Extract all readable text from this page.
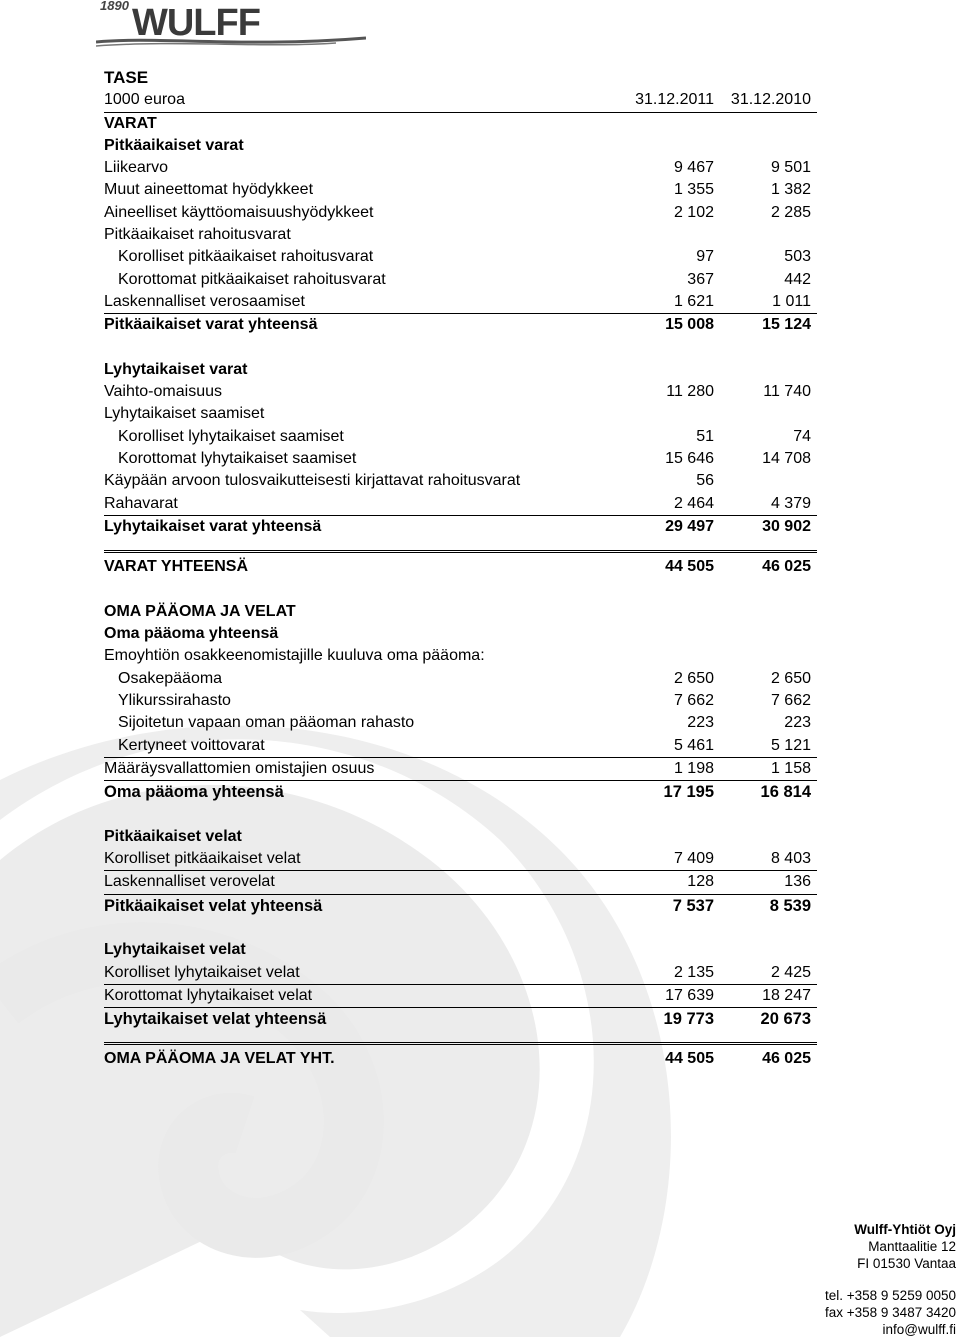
1890 WULFF
TASE
1000 euroa	31.12.2011 31.12.2010
VARAT
Pitkäaikaiset varat
Liikearvo	9 467	9 501
Muut aineettomat hyödykkeet	1 355	1 382
Aineelliset käyttöomaisuushyödykkeet	2 102	2 285
Pitkäaikaiset rahoitusvarat
Korolliset pitkäaikaiset rahoitusvarat	97	503
Korottomat pitkäaikaiset rahoitusvarat	367	442
Laskennalliset verosaamiset	1 621	1 011
Pitkäaikaiset varat yhteensä	15 008	15 124
Lyhytaikaiset varat
Vaihto-omaisuus	11 280	11 740
Lyhytaikaiset saamiset
Korolliset lyhytaikaiset saamiset	51	74
Korottomat lyhytaikaiset saamiset	15 646	14 708
Käypään arvoon tulosvaikutteisesti kirjattavat rahoitusvarat	56
Rahavarat	2 464	4 379
Lyhytaikaiset varat yhteensä	29 497	30 902
VARAT YHTEENSÄ	44 505	46 025
OMA PÄÄOMA JA VELAT
Oma pääoma yhteensä
Emoyhtiön osakkeenomistajille kuuluva oma pääoma:
Osakepääoma	2 650	2 650
Ylikurssirahasto	7 662	7 662
Sijoitetun vapaan oman pääoman rahasto	223	223
Kertyneet voittovarat	5 461	5 121
Määräysvallattomien omistajien osuus	1 198	1 158
Oma pääoma yhteensä	17 195	16 814
Pitkäaikaiset velat
Korolliset pitkäaikaiset velat	7 409	8 403
Laskennalliset verovelat	128	136
Pitkäaikaiset velat yhteensä	7 537	8 539
Lyhytaikaiset velat
Korolliset lyhytaikaiset velat	2 135	2 425
Korottomat lyhytaikaiset velat	17 639	18 247
Lyhytaikaiset velat yhteensä	19 773	20 673
OMA PÄÄOMA JA VELAT YHT.	44 505	46 025
Wulff-Yhtiöt Oyj
Manttaalitie 12
FI 01530 Vantaa
tel. +358 9 5259 0050
fax +358 9 3487 3420
info@wulff.fi
